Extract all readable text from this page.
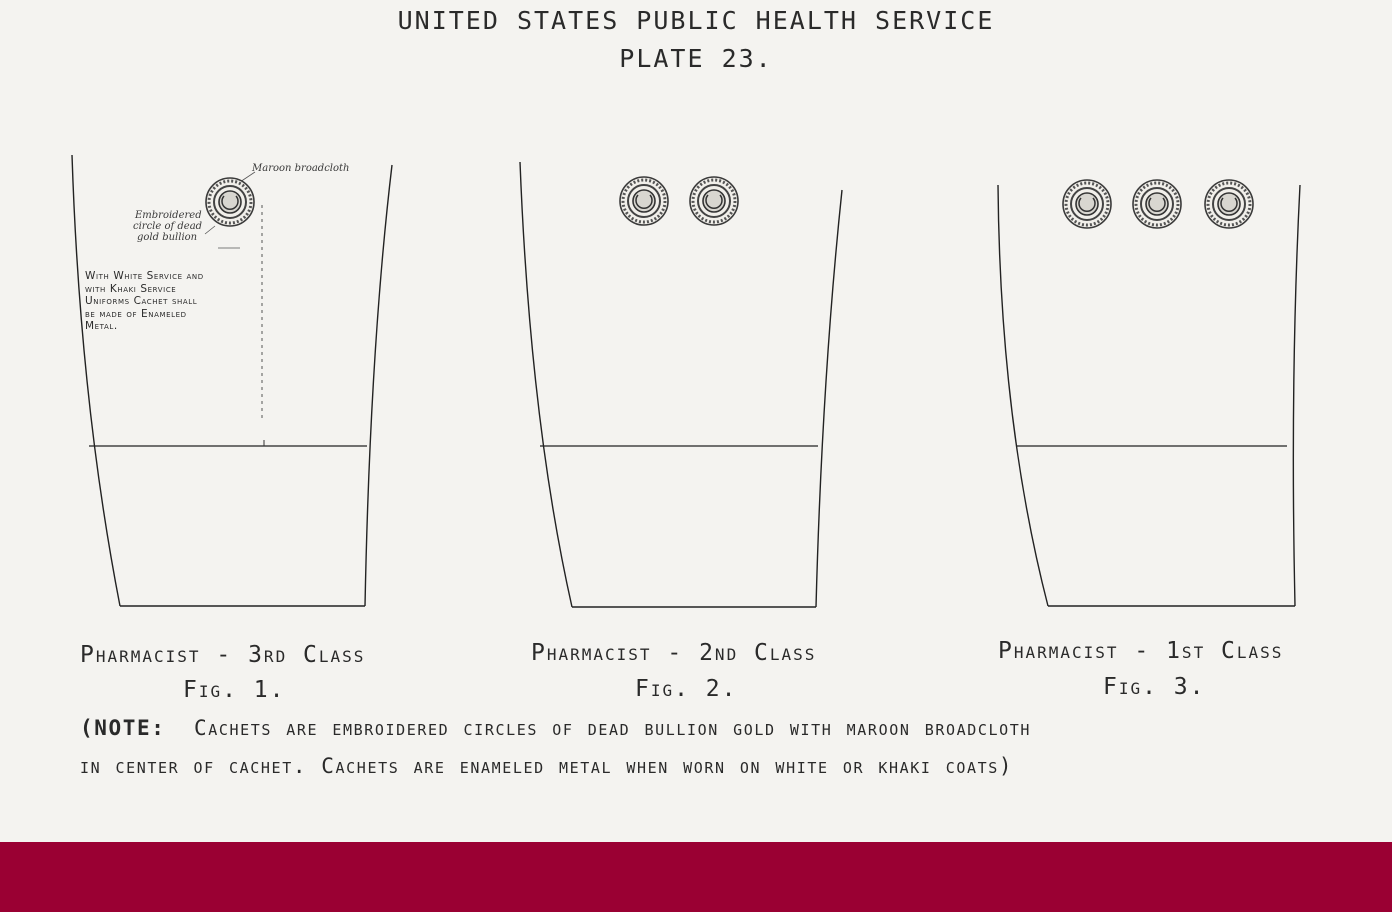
UNITED STATES PUBLIC HEALTH SERVICE
PLATE 23.
Maroon broadcloth
Embroidered
circle of dead
gold bullion
With White Service and
with Khaki Service
Uniforms Cachet shall
be made of Enameled
Metal.
Pharmacist - 3rd Class
Fig. 1.
Pharmacist - 2nd Class
Fig. 2.
Pharmacist - 1st Class
Fig. 3.
(NOTE: Cachets are embroidered circles of dead bullion gold with maroon broadcloth
in center of cachet. Cachets are enameled metal when worn on white or khaki coats)
